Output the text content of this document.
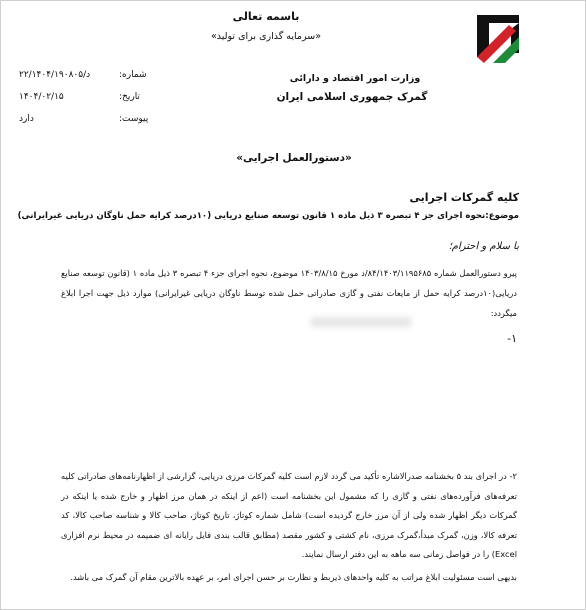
باسمه تعالی
«سرمایه گذاری برای تولید»
وزارت امور اقتصاد و دارائی
گمرک جمهوری اسلامی ایران
شماره:
۲۲/۱۴۰۴/۱۹۰۸۰۵/د
تاریخ:
۱۴۰۴/۰۲/۱۵
پیوست:
دارد
«دستورالعمل اجرایی»
کلیه گمرکات اجرایی
موضوع:نحوه اجرای جز ۴ تبصره ۳ ذیل ماده ۱ قانون توسعه صنایع دریایی (۱۰درصد کرایه حمل ناوگان دریایی غیرایرانی)
با سلام و احترام؛
پیرو دستورالعمل شماره ۸۴/۱۴۰۳/۱۱۹۵۶۸۵/د مورخ ۱۴۰۳/۸/۱۵ موضوع، نحوه اجرای جزء ۴ تبصره ۳ ذیل ماده ۱ (قانون توسعه صنایع دریایی(۱۰درصد کرایه حمل از مایعات نفتی و گازی صادراتی حمل شده توسط ناوگان دریایی غیرایرانی) موارد ذیل جهت اجرا ابلاغ میگردد:
۱-
۲- در اجرای بند ۵ بخشنامه صدرالاشاره تأکید می گردد لازم است کلیه گمرکات مرزی دریایی، گزارشی از اظهارنامه‌های صادراتی کلیه تعرفه‌های فرآورده‌های نفتی و گازی را که مشمول این بخشنامه است (اعم از اینکه در همان مرز اظهار و خارج شده یا اینکه در گمرکات دیگر اظهار شده ولی از آن مرز خارج گردیده است) شامل شماره کوتاژ، تاریخ کوتاژ، صاحب کالا و شناسه صاحب کالا، کد تعرفه کالا، وزن، گمرک مبدأ،گمرک مرزی، نام کشتی و کشور مقصد (مطابق قالب بندی فایل رایانه ای ضمیمه در محیط نرم افزاری Excel) را در فواصل زمانی سه ماهه به این دفتر ارسال نمایند.
بدیهی است مسئولیت ابلاغ مراتب به کلیه واحدهای ذیربط و نظارت بر حسن اجرای امر، بر عهده بالاترین مقام آن گمرک می باشد.
